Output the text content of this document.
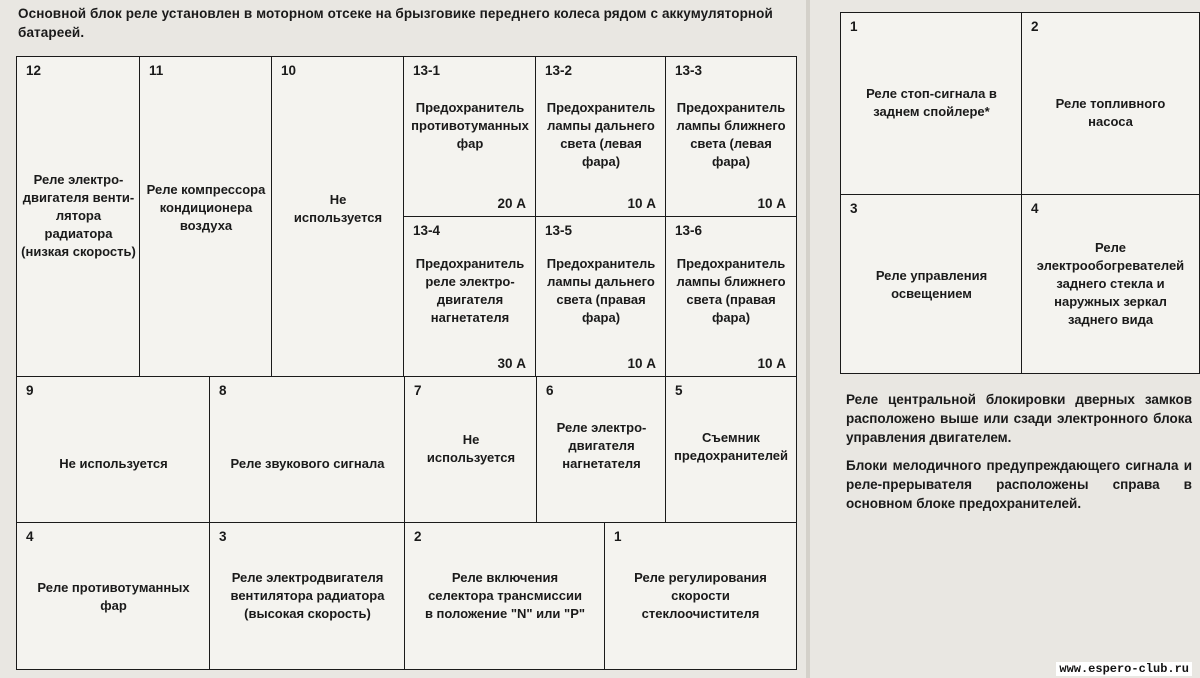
Основной блок реле установлен в моторном отсеке на брызговике переднего колеса рядом с аккумуляторной батареей.
12
Реле электро-двигателя венти-лятора радиатора (низкая скорость)
11
Реле компрессора кондиционера воздуха
10
Не используется
13-1
Предохранитель противотуманных фар
20 А
13-2
Предохранитель лампы дальнего света (левая фара)
10 А
13-3
Предохранитель лампы ближнего света (левая фара)
10 А
13-4
Предохранитель реле электро-двигателя нагнетателя
30 А
13-5
Предохранитель лампы дальнего света (правая фара)
10 А
13-6
Предохранитель лампы ближнего света (правая фара)
10 А
9
Не используется
8
Реле звукового сигнала
7
Не используется
6
Реле электро-двигателя нагнетателя
5
Съемник предохранителей
4
Реле противотуманных фар
3
Реле электродвигателя вентилятора радиатора (высокая скорость)
2
Реле включения селектора трансмиссии в положение "N" или "P"
1
Реле регулирования скорости стеклоочистителя
1
Реле стоп-сигнала в заднем спойлере*
2
Реле топливного насоса
3
Реле управления освещением
4
Реле электрообогревателей заднего стекла и наружных зеркал заднего вида
Реле центральной блокировки дверных замков расположено выше или сзади электронного блока управления двигателем.
Блоки мелодичного предупреждающего сигнала и реле-прерывателя расположены справа в основном блоке предохранителей.
www.espero-club.ru
